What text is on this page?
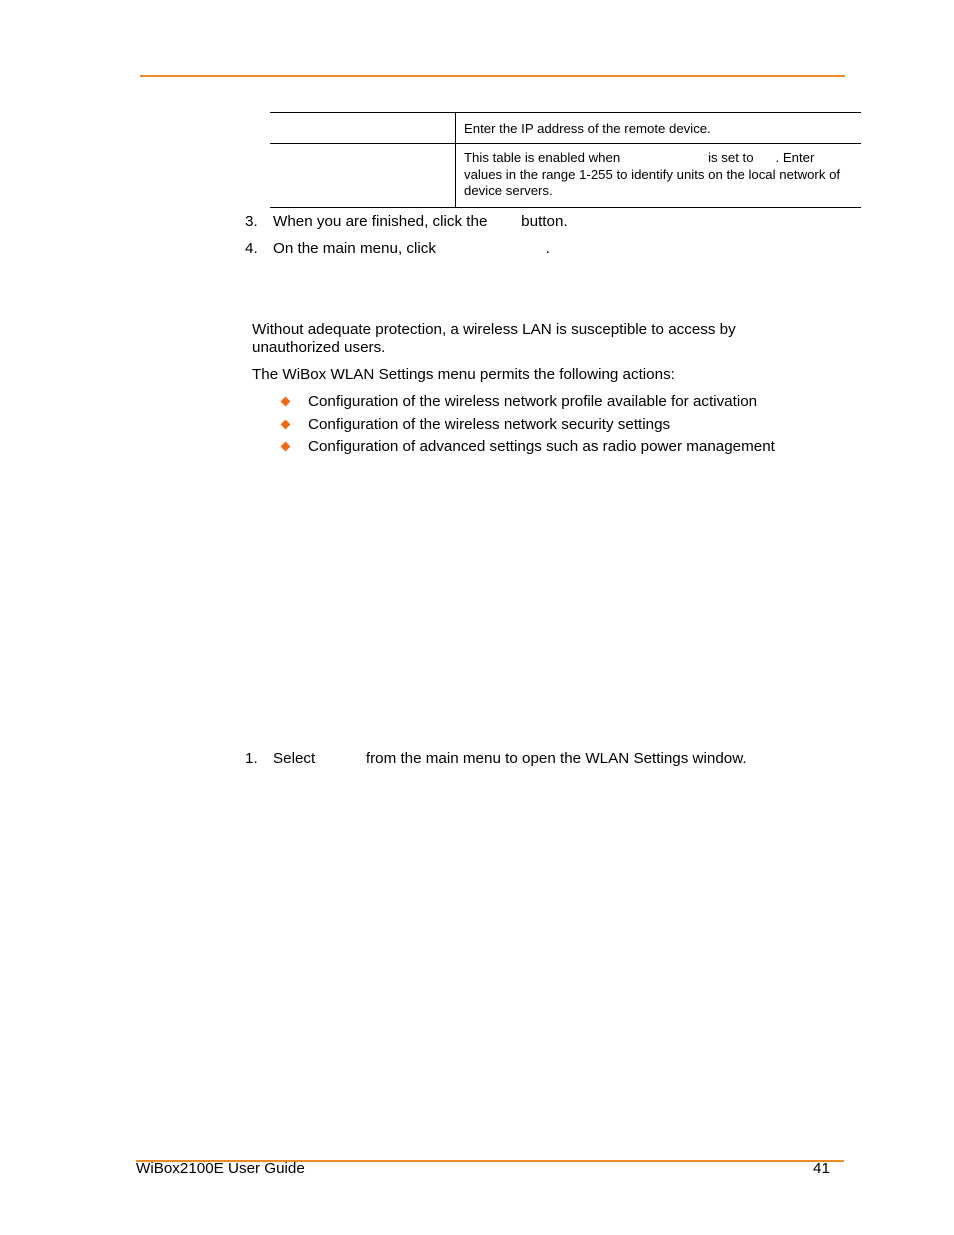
	Enter the IP address of the remote device.
	This table is enabled when                        is set to      . Enter values in the range 1-255 to identify units on the local network of device servers.
3. When you are finished, click the        button.
4. On the main menu, click                          .
Without adequate protection, a wireless LAN is susceptible to access by
unauthorized users.
The WiBox WLAN Settings menu permits the following actions:
Configuration of the wireless network profile available for activation
Configuration of the wireless network security settings
Configuration of advanced settings such as radio power management
1. Select            from the main menu to open the WLAN Settings window.
WiBox2100E User Guide	41
